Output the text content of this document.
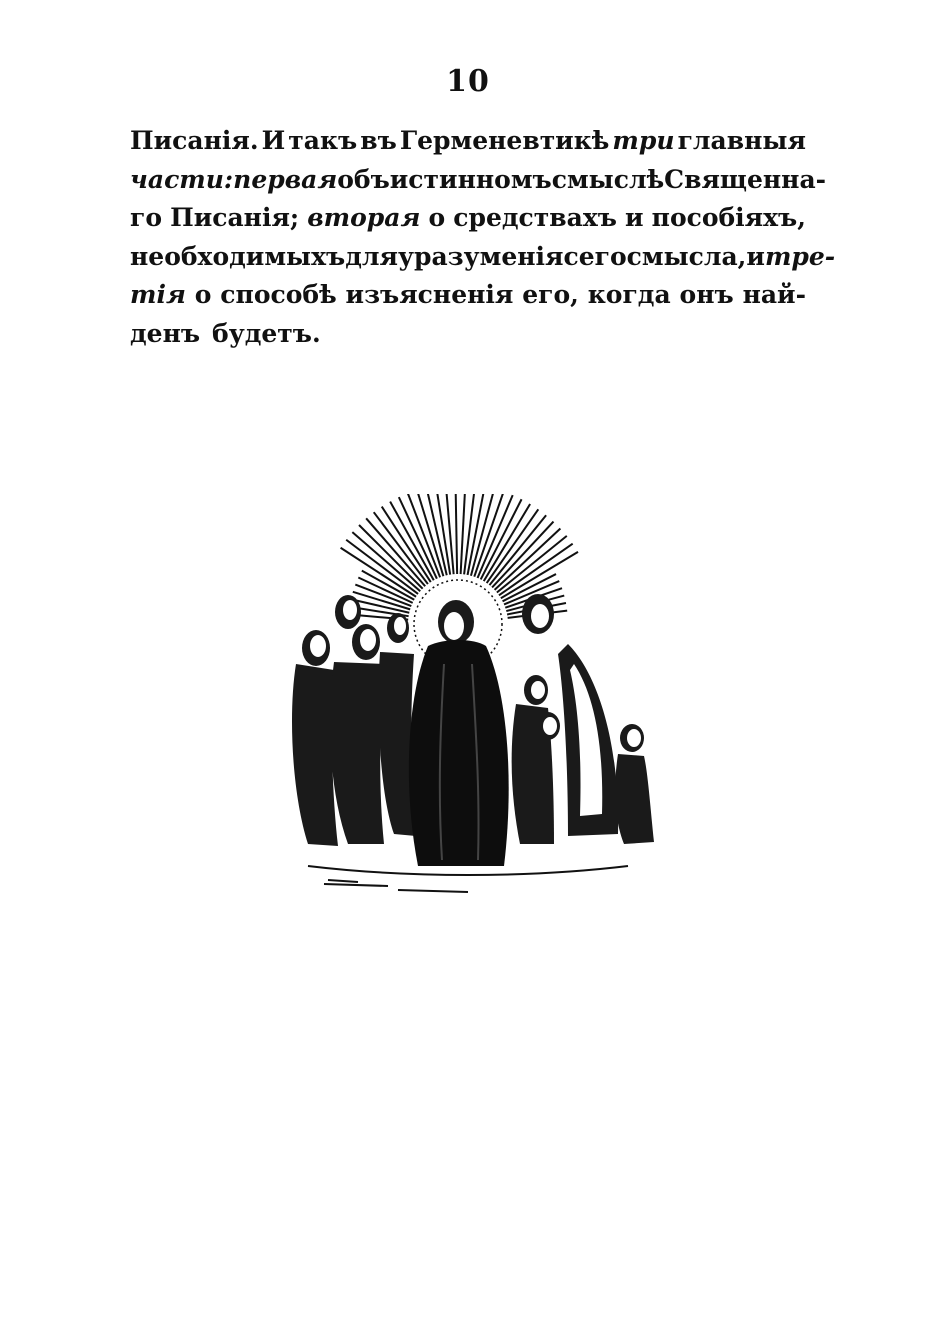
10
Писанія. И такъ въ Герменевтикѣ три главныя
части: первая объ истинномъ смыслѣ Священна-
го Писанія; вторая о средствахъ и пособіяхъ,
необходимыхъ для уразуменія сего смысла, и тре-
тія о способѣ изъясненія его, когда онъ най-
денъ будетъ.
